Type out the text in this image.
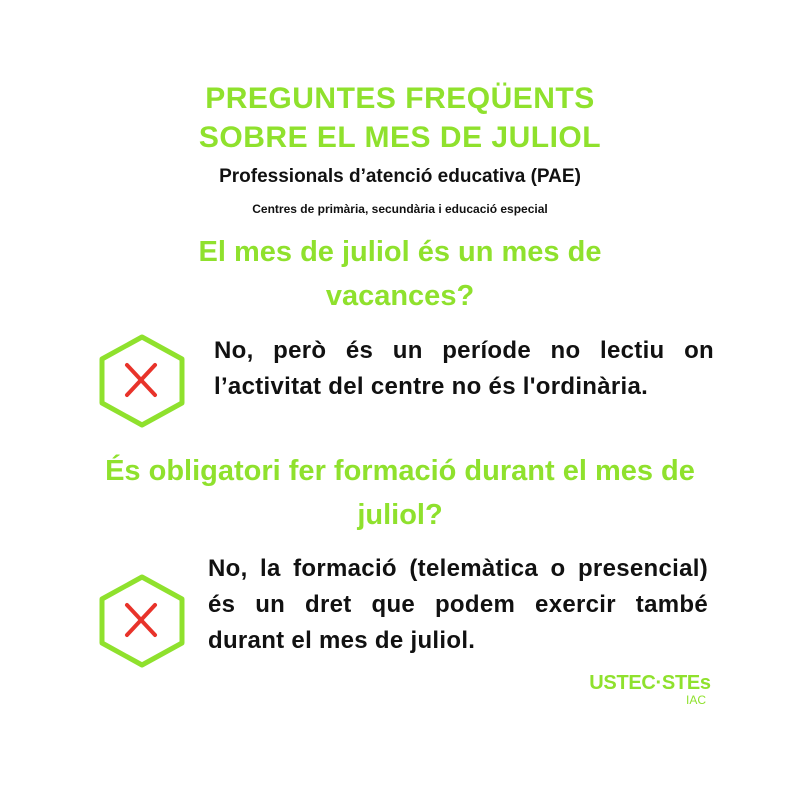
PREGUNTES FREQÜENTS
SOBRE EL MES DE JULIOL
Professionals d’atenció educativa (PAE)
Centres de primària, secundària i educació especial
El mes de juliol és un mes de vacances?
No, però és un període no lectiu on l’activitat del centre no és l'ordinària.
És obligatori fer formació durant el mes de juliol?
No, la formació (telemàtica o presencial) és un dret que podem exercir també durant el mes de juliol.
USTEC·STEs
IAC
